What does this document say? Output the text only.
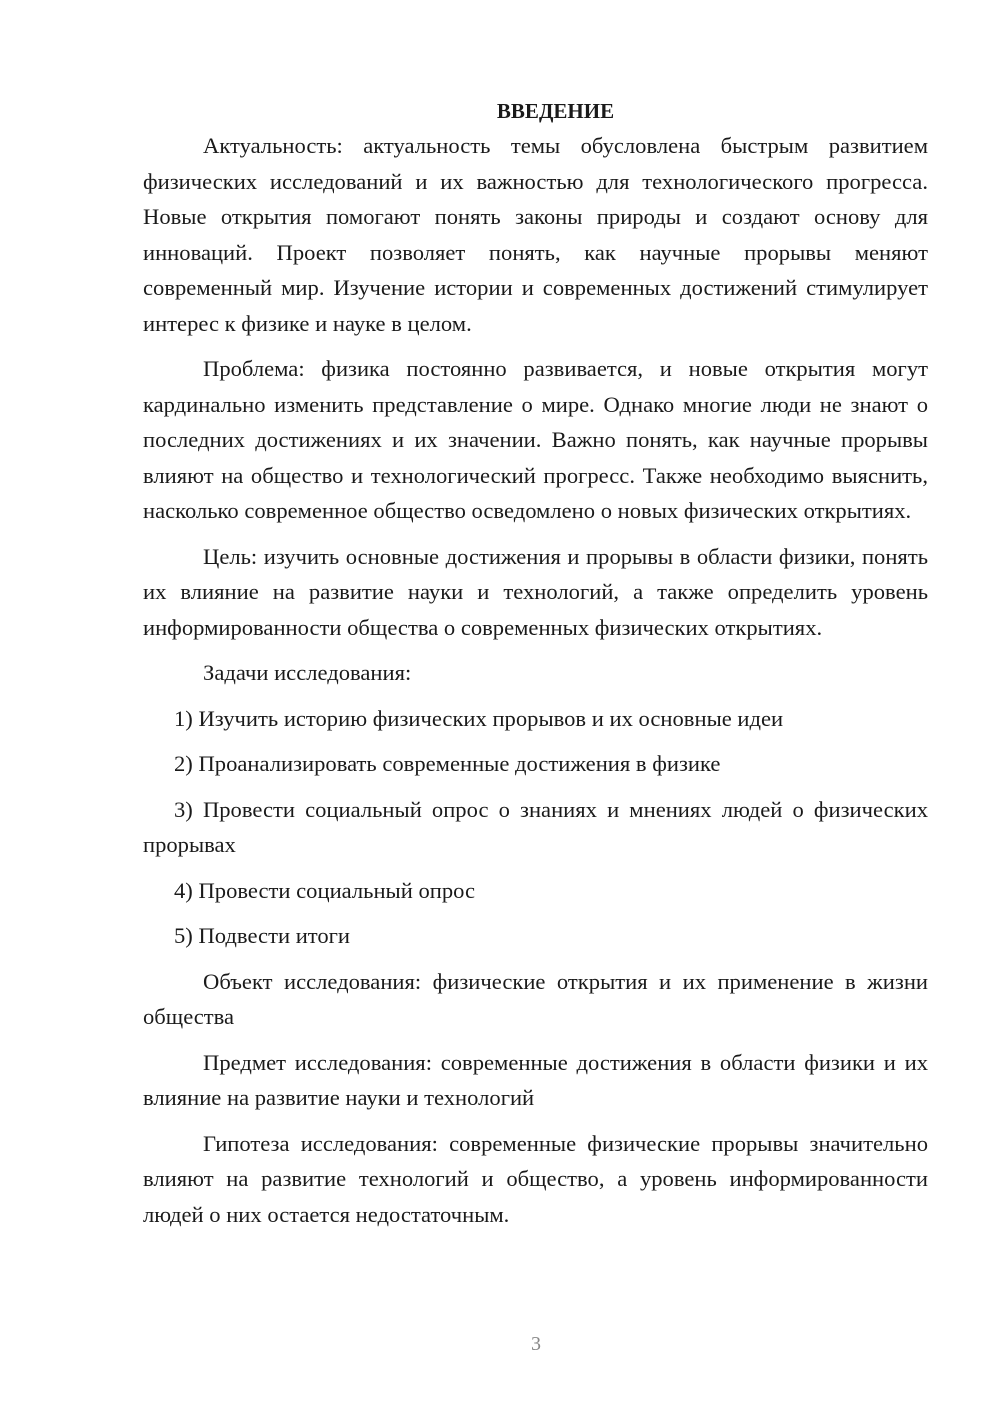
ВВЕДЕНИЕ

Актуальность: актуальность темы обусловлена быстрым развитием физических исследований и их важностью для технологического прогресса. Новые открытия помогают понять законы природы и создают основу для инноваций. Проект позволяет понять, как научные прорывы меняют современный мир. Изучение истории и современных достижений стимулирует интерес к физике и науке в целом.

Проблема: физика постоянно развивается, и новые открытия могут кардинально изменить представление о мире. Однако многие люди не знают о последних достижениях и их значении. Важно понять, как научные прорывы влияют на общество и технологический прогресс. Также необходимо выяснить, насколько современное общество осведомлено о новых физических открытиях.

Цель: изучить основные достижения и прорывы в области физики, понять их влияние на развитие науки и технологий, а также определить уровень информированности общества о современных физических открытиях.

Задачи исследования:

1) Изучить историю физических прорывов и их основные идеи

2) Проанализировать современные достижения в физике

3) Провести социальный опрос о знаниях и мнениях людей о физических прорывах

4) Провести социальный опрос

5) Подвести итоги

Объект исследования: физические открытия и их применение в жизни общества

Предмет исследования: современные достижения в области физики и их влияние на развитие науки и технологий

Гипотеза исследования: современные физические прорывы значительно влияют на развитие технологий и общество, а уровень информированности людей о них остается недостаточным.

3
